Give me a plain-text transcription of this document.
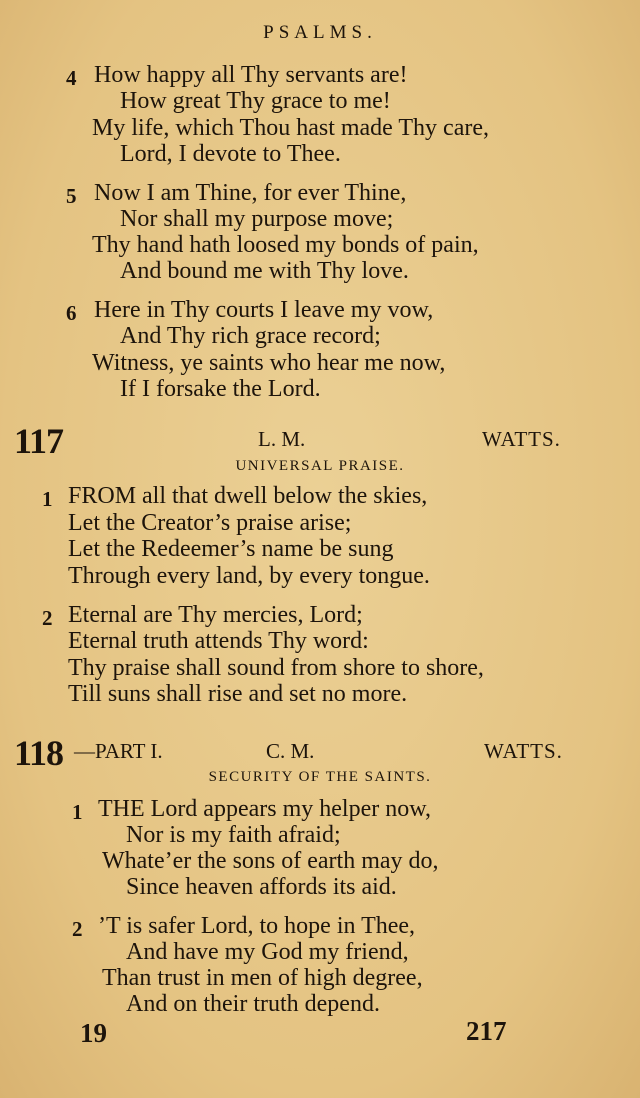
PSALMS.
4 How happy all Thy servants are!
How great Thy grace to me!
My life, which Thou hast made Thy care,
Lord, I devote to Thee.
5 Now I am Thine, for ever Thine,
Nor shall my purpose move;
Thy hand hath loosed my bonds of pain,
And bound me with Thy love.
6 Here in Thy courts I leave my vow,
And Thy rich grace record;
Witness, ye saints who hear me now,
If I forsake the Lord.
117	L. M.	WATTS.
UNIVERSAL PRAISE.
1 FROM all that dwell below the skies,
Let the Creator’s praise arise;
Let the Redeemer’s name be sung
Through every land, by every tongue.
2 Eternal are Thy mercies, Lord;
Eternal truth attends Thy word:
Thy praise shall sound from shore to shore,
Till suns shall rise and set no more.
118 —PART I.	C. M.	WATTS.
SECURITY OF THE SAINTS.
1 THE Lord appears my helper now,
Nor is my faith afraid;
Whate’er the sons of earth may do,
Since heaven affords its aid.
2 ’T is safer Lord, to hope in Thee,
And have my God my friend,
Than trust in men of high degree,
And on their truth depend.
19	217
